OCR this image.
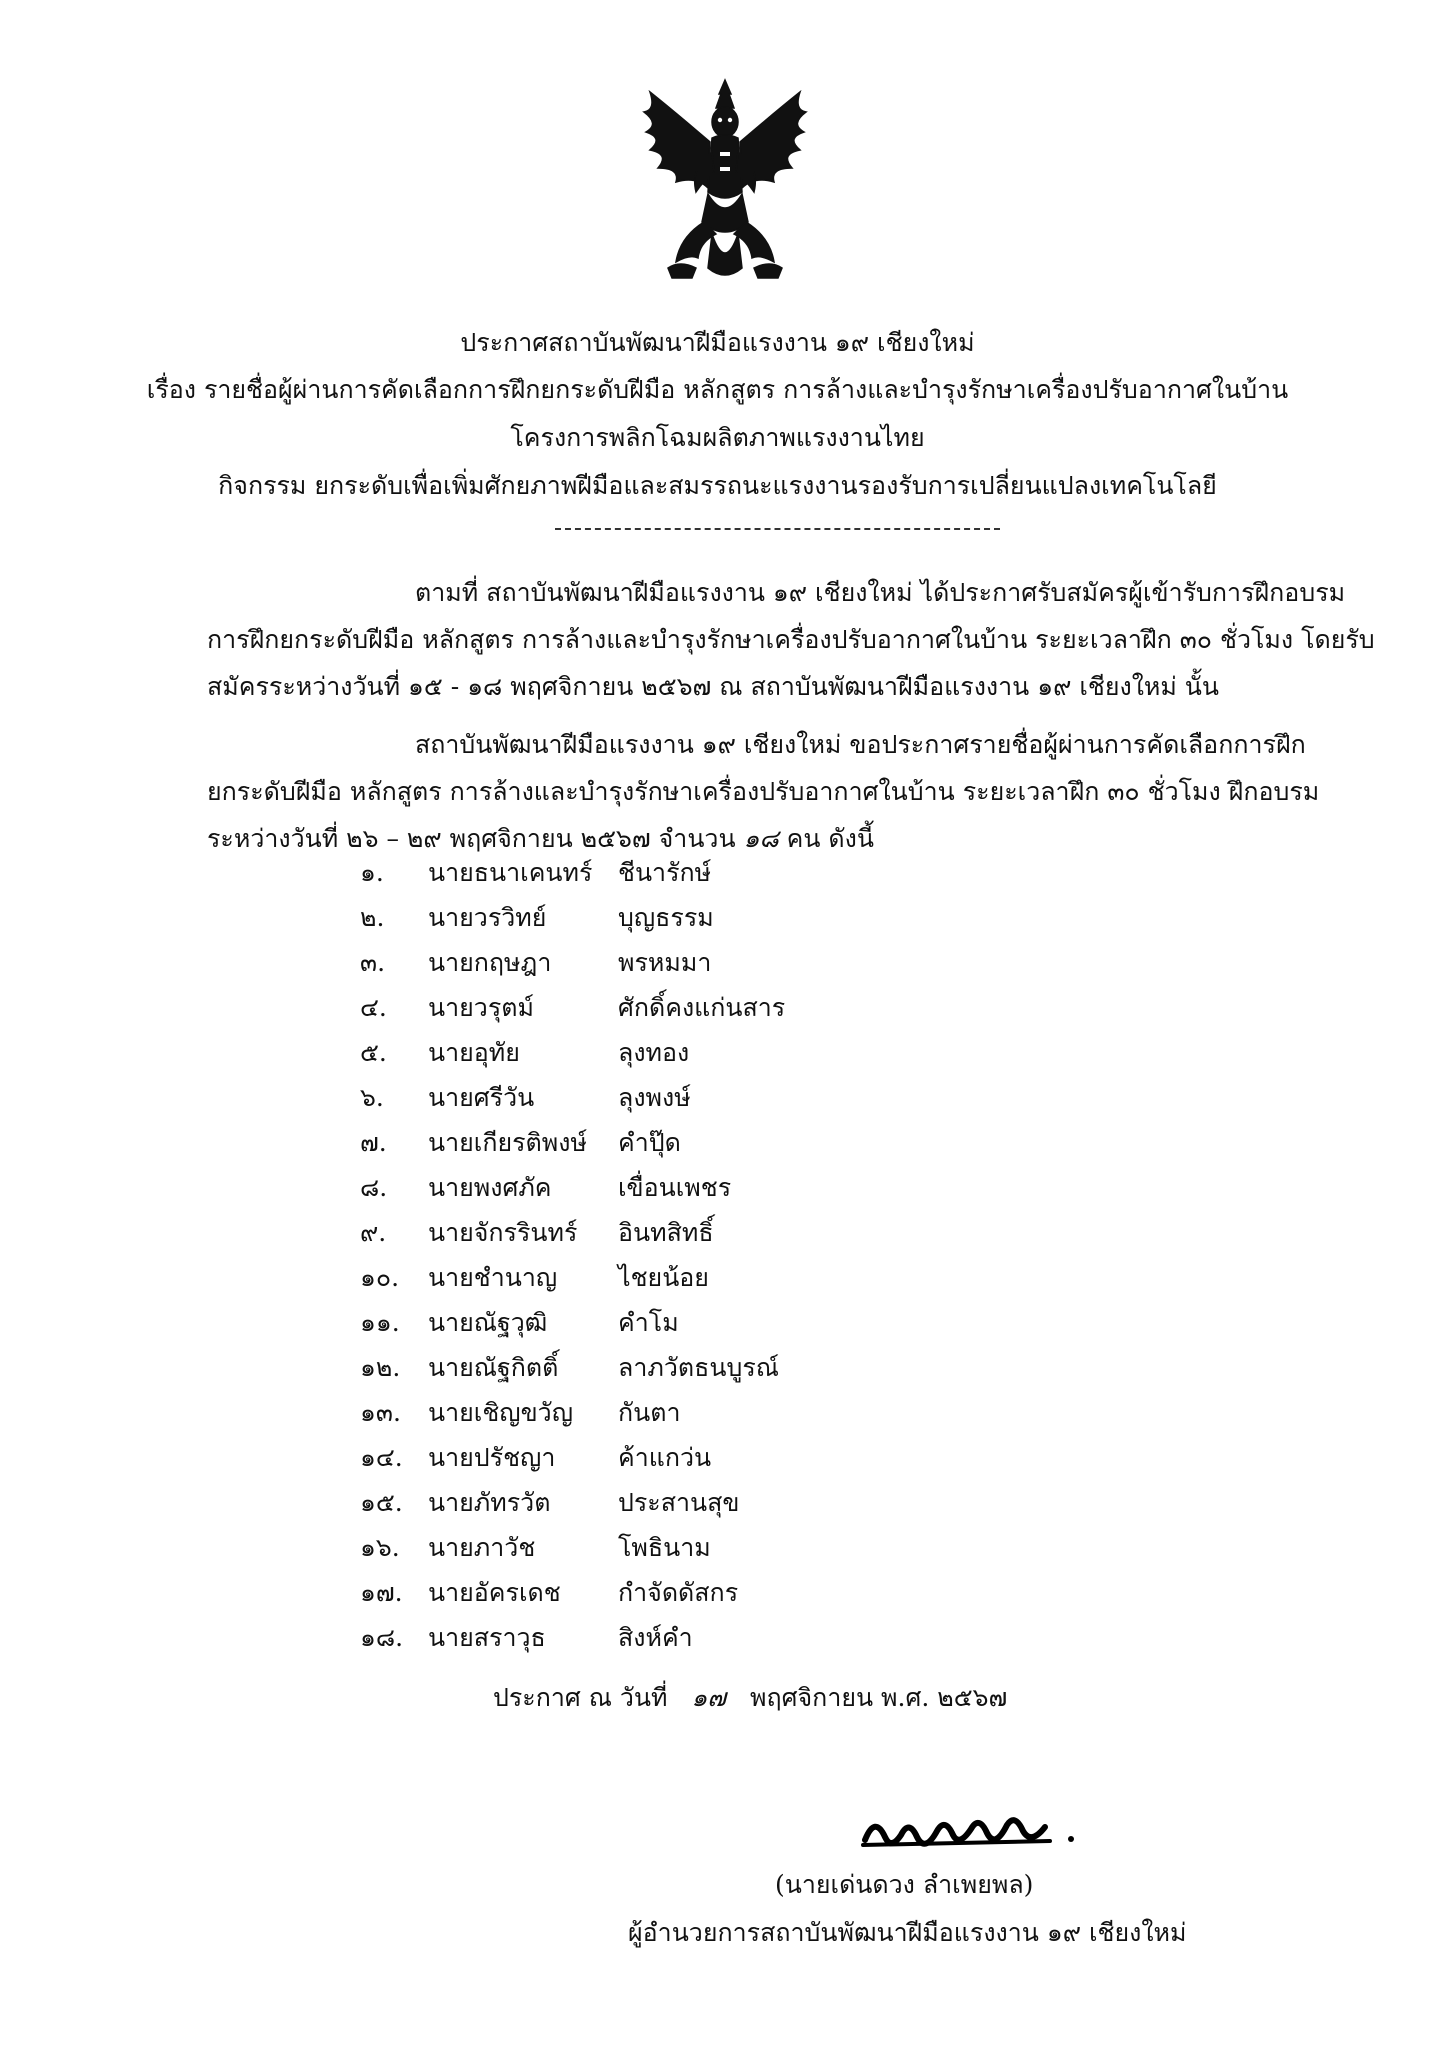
ประกาศสถาบันพัฒนาฝีมือแรงงาน ๑๙ เชียงใหม่
เรื่อง รายชื่อผู้ผ่านการคัดเลือกการฝึกยกระดับฝีมือ หลักสูตร การล้างและบำรุงรักษาเครื่องปรับอากาศในบ้าน
โครงการพลิกโฉมผลิตภาพแรงงานไทย
กิจกรรม ยกระดับเพื่อเพิ่มศักยภาพฝีมือและสมรรถนะแรงงานรองรับการเปลี่ยนแปลงเทคโนโลยี
ตามที่ สถาบันพัฒนาฝีมือแรงงาน ๑๙ เชียงใหม่ ได้ประกาศรับสมัครผู้เข้ารับการฝึกอบรม
การฝึกยกระดับฝีมือ หลักสูตร การล้างและบำรุงรักษาเครื่องปรับอากาศในบ้าน ระยะเวลาฝึก ๓๐ ชั่วโมง โดยรับ
สมัครระหว่างวันที่ ๑๕ - ๑๘ พฤศจิกายน ๒๕๖๗ ณ สถาบันพัฒนาฝีมือแรงงาน ๑๙ เชียงใหม่ นั้น
สถาบันพัฒนาฝีมือแรงงาน ๑๙ เชียงใหม่ ขอประกาศรายชื่อผู้ผ่านการคัดเลือกการฝึก
ยกระดับฝีมือ หลักสูตร การล้างและบำรุงรักษาเครื่องปรับอากาศในบ้าน ระยะเวลาฝึก ๓๐ ชั่วโมง ฝึกอบรม
ระหว่างวันที่ ๒๖ – ๒๙ พฤศจิกายน ๒๕๖๗ จำนวน ๑๘ คน ดังนี้
๑.	นายธนาเคนทร์ ชีนารักษ์
๒.	นายวรวิทย์	บุญธรรม
๓.	นายกฤษฎา	พรหมมา
๔.	นายวรุตม์	ศักดิ์คงแก่นสาร
๕.	นายอุทัย	ลุงทอง
๖.	นายศรีวัน	ลุงพงษ์
๗.	นายเกียรติพงษ์ คำปุ๊ด
๘.	นายพงศภัค	เขื่อนเพชร
๙.	นายจักรรินทร์ อินทสิทธิ์
๑๐.	นายชำนาญ ไชยน้อย
๑๑.	นายณัฐวุฒิ	คำโม
๑๒.	นายณัฐกิตติ์ ลาภวัตธนบูรณ์
๑๓.	นายเชิญขวัญ กันตา
๑๔.	นายปรัชญา	ค้าแกว่น
๑๕.	นายภัทรวัต	ประสานสุข
๑๖.	นายภาวัช	โพธินาม
๑๗.	นายอัครเดช กำจัดดัสกร
๑๘. นายสราวุธ	สิงห์คำ
ประกาศ ณ วันที่ ๑๗ พฤศจิกายน พ.ศ. ๒๕๖๗
(นายเด่นดวง ลำเพยพล)
ผู้อำนวยการสถาบันพัฒนาฝีมือแรงงาน ๑๙ เชียงใหม่
